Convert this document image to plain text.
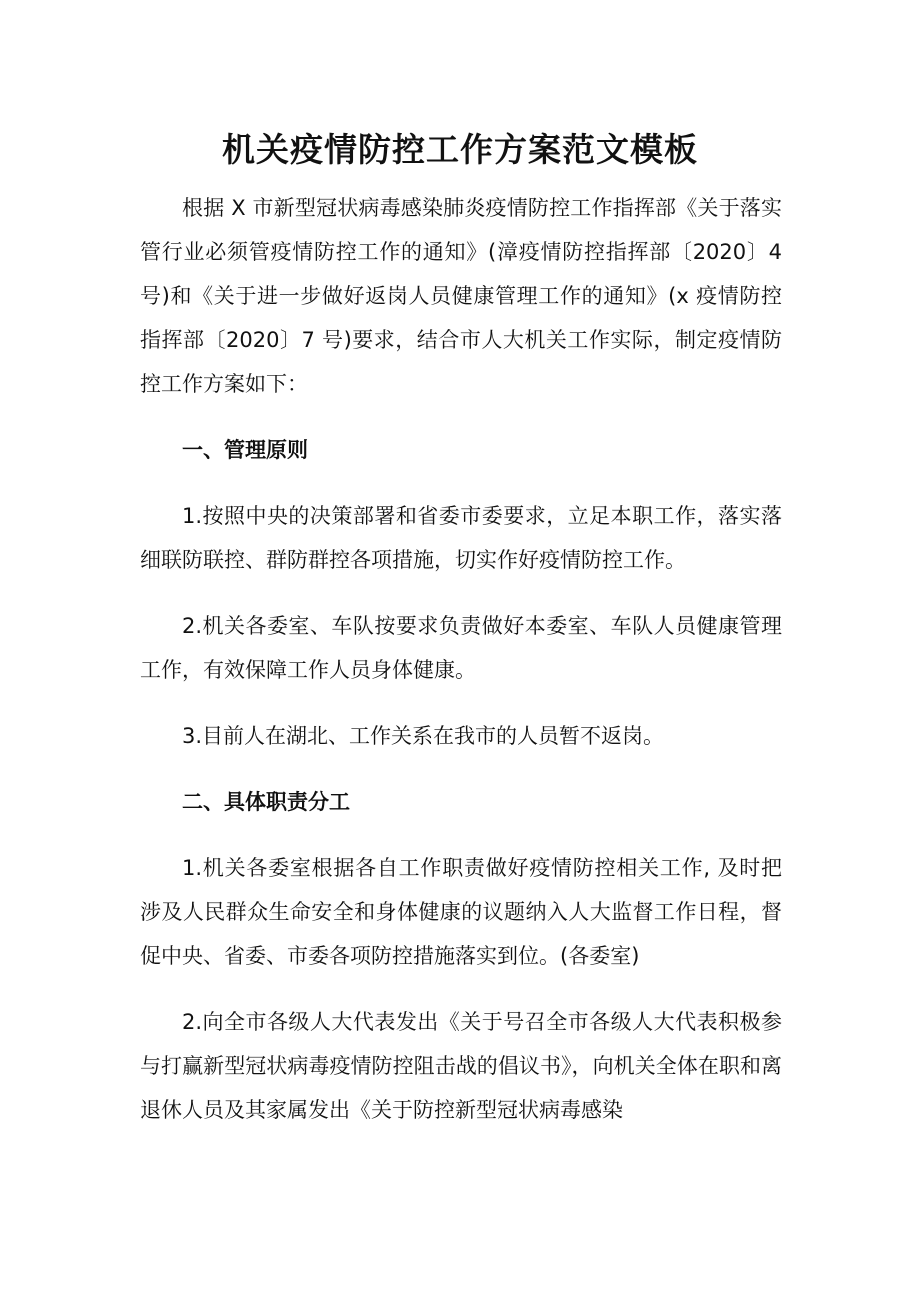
机关疫情防控工作方案范文模板

根据 X 市新型冠状病毒感染肺炎疫情防控工作指挥部《关于落实管行业必须管疫情防控工作的通知》(漳疫情防控指挥部〔2020〕4 号)和《关于进一步做好返岗人员健康管理工作的通知》(x 疫情防控指挥部〔2020〕7 号)要求，结合市人大机关工作实际，制定疫情防控工作方案如下：

一、管理原则

1.按照中央的决策部署和省委市委要求，立足本职工作，落实落细联防联控、群防群控各项措施，切实作好疫情防控工作。

2.机关各委室、车队按要求负责做好本委室、车队人员健康管理工作，有效保障工作人员身体健康。

3.目前人在湖北、工作关系在我市的人员暂不返岗。

二、具体职责分工

1.机关各委室根据各自工作职责做好疫情防控相关工作, 及时把涉及人民群众生命安全和身体健康的议题纳入人大监督工作日程，督促中央、省委、市委各项防控措施落实到位。(各委室)

2.向全市各级人大代表发出《关于号召全市各级人大代表积极参与打赢新型冠状病毒疫情防控阻击战的倡议书》，向机关全体在职和离退休人员及其家属发出《关于防控新型冠状病毒感染
